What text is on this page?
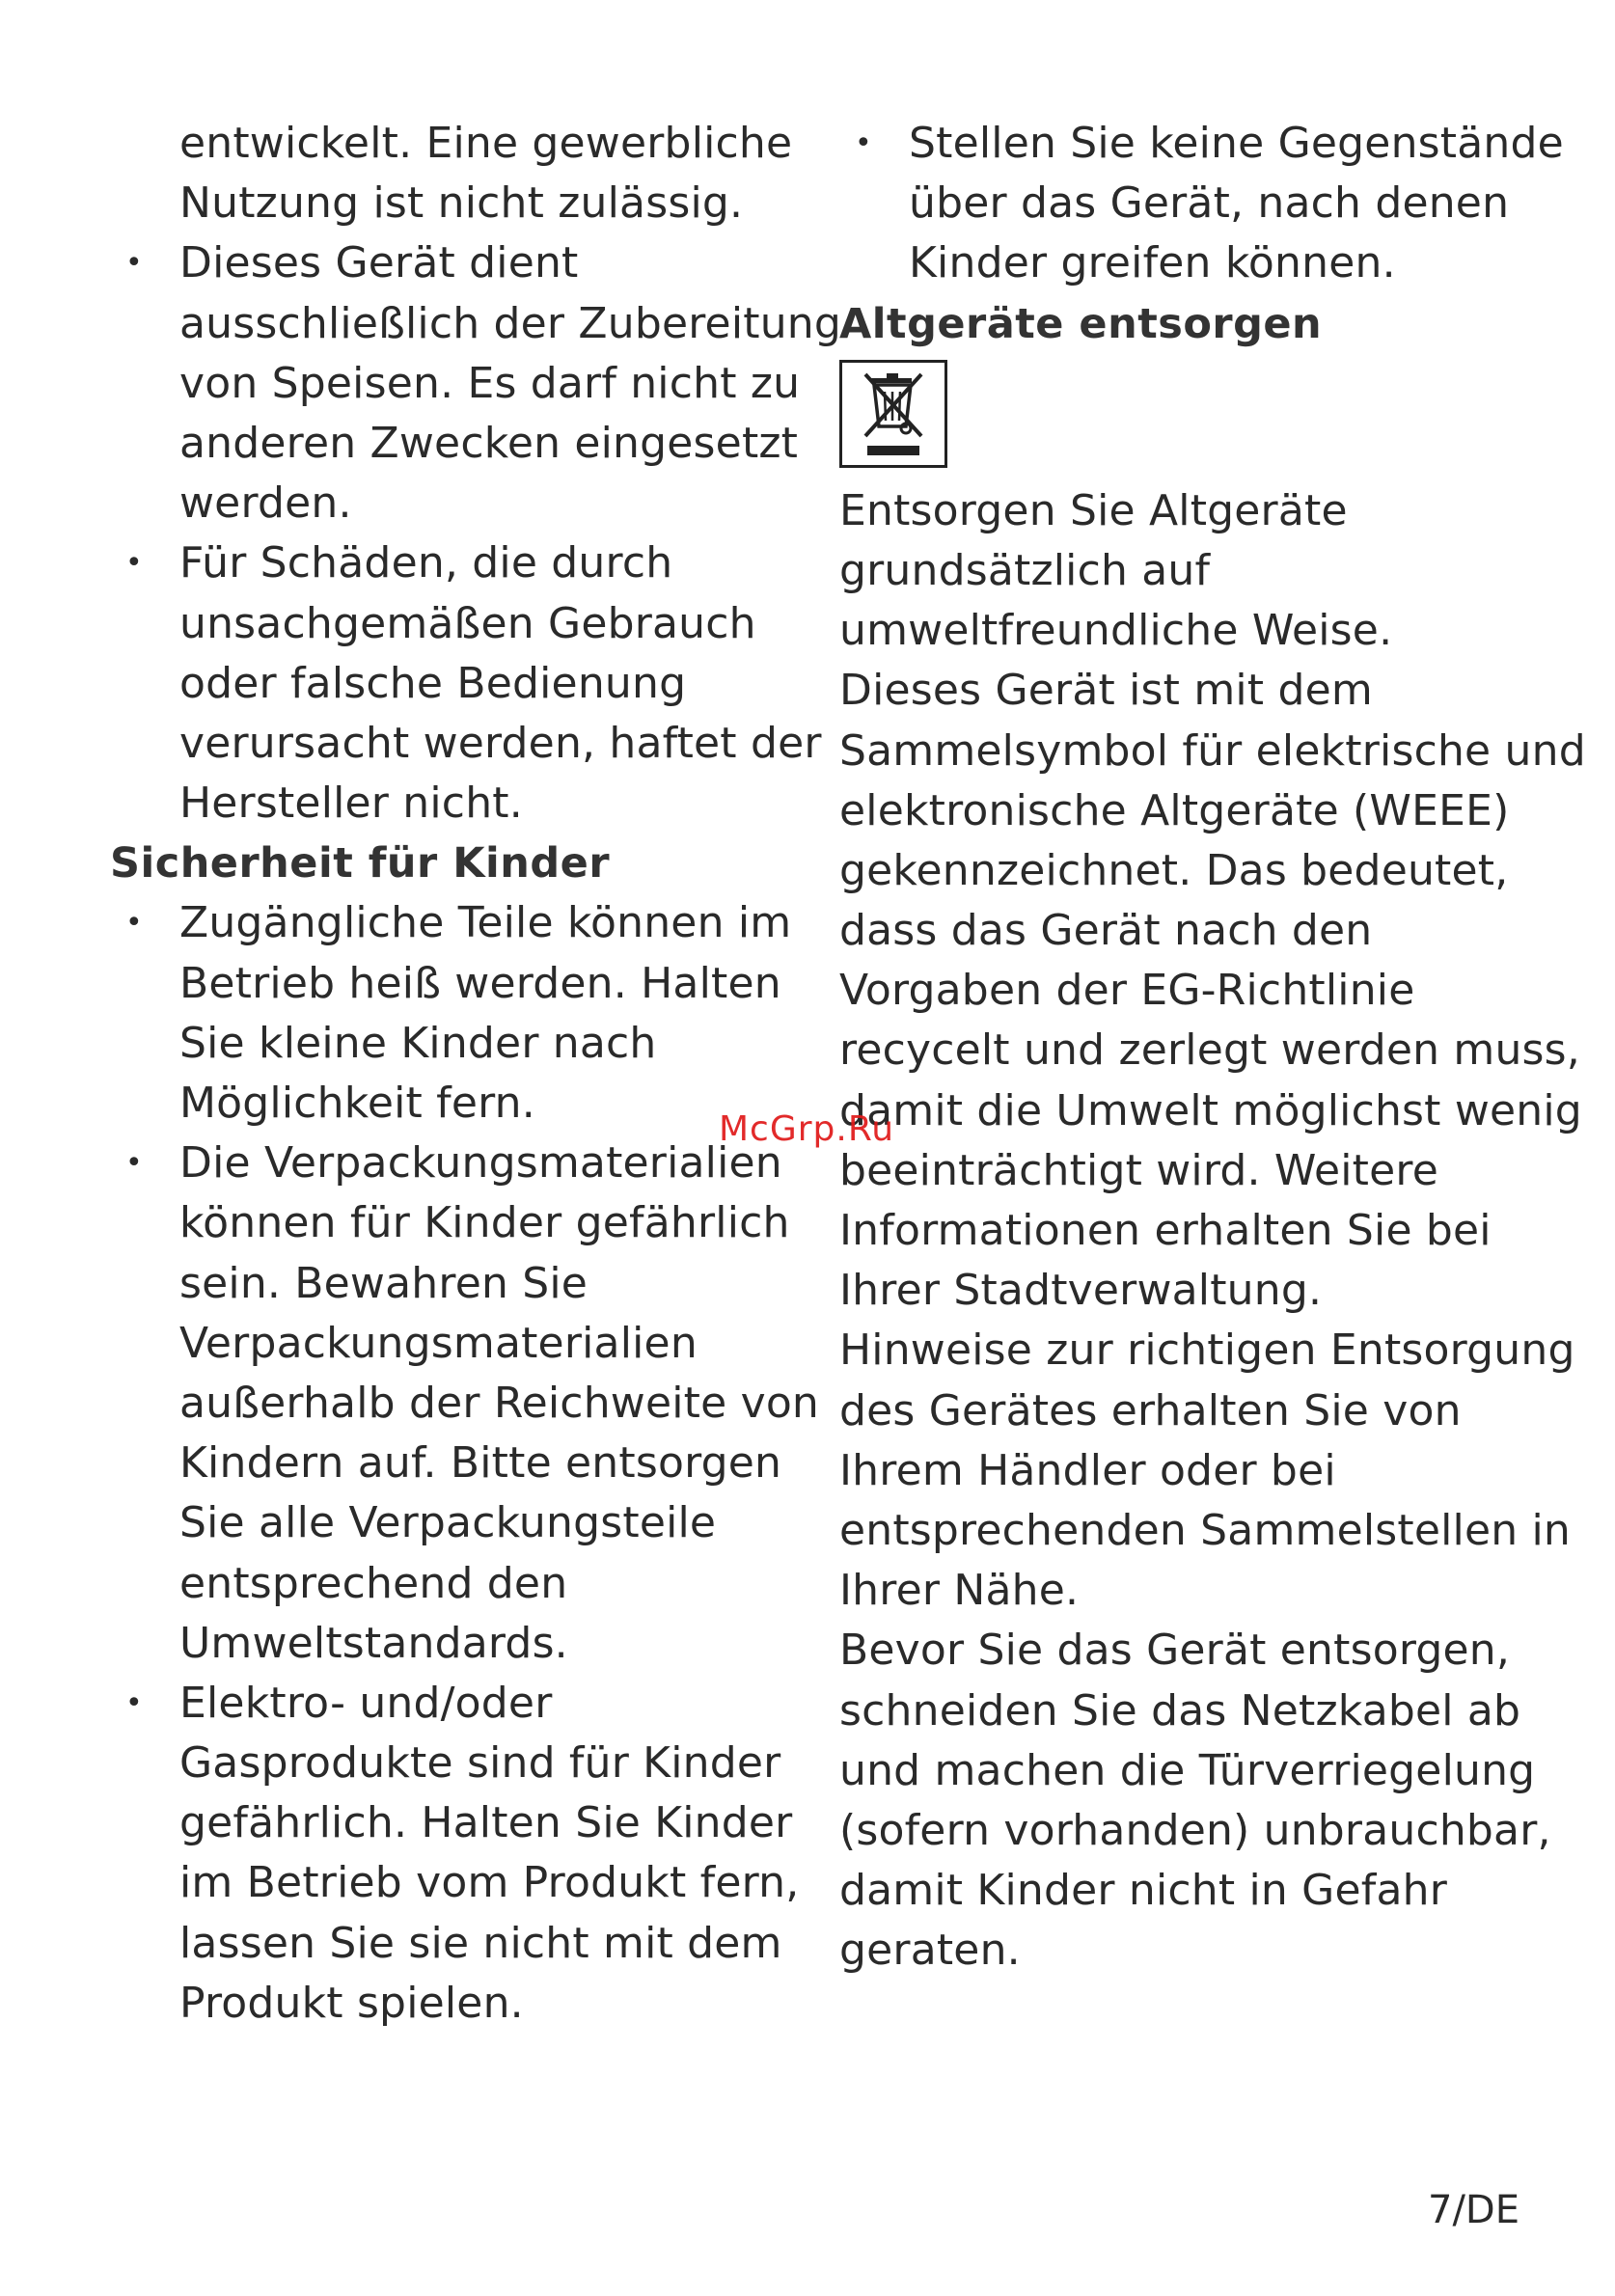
entwickelt. Eine gewerbliche
Nutzung ist nicht zulässig.
• Dieses Gerät dient
ausschließlich der Zubereitung
von Speisen. Es darf nicht zu
anderen Zwecken eingesetzt
werden.
• Für Schäden, die durch
unsachgemäßen Gebrauch
oder falsche Bedienung
verursacht werden, haftet der
Hersteller nicht.
Sicherheit für Kinder
• Zugängliche Teile können im
Betrieb heiß werden. Halten
Sie kleine Kinder nach
Möglichkeit fern.
• Die Verpackungsmaterialien
können für Kinder gefährlich
sein. Bewahren Sie
Verpackungsmaterialien
außerhalb der Reichweite von
Kindern auf. Bitte entsorgen
Sie alle Verpackungsteile
entsprechend den
Umweltstandards.
• Elektro- und/oder
Gasprodukte sind für Kinder
gefährlich. Halten Sie Kinder
im Betrieb vom Produkt fern,
lassen Sie sie nicht mit dem
Produkt spielen.
• Stellen Sie keine Gegenstände
über das Gerät, nach denen
Kinder greifen können.
Altgeräte entsorgen
Entsorgen Sie Altgeräte
grundsätzlich auf
umweltfreundliche Weise.
Dieses Gerät ist mit dem
Sammelsymbol für elektrische und
elektronische Altgeräte (WEEE)
gekennzeichnet. Das bedeutet,
dass das Gerät nach den
Vorgaben der EG-Richtlinie
recycelt und zerlegt werden muss,
damit die Umwelt möglichst wenig
beeinträchtigt wird. Weitere
Informationen erhalten Sie bei
Ihrer Stadtverwaltung.
Hinweise zur richtigen Entsorgung
des Gerätes erhalten Sie von
Ihrem Händler oder bei
entsprechenden Sammelstellen in
Ihrer Nähe.
Bevor Sie das Gerät entsorgen,
schneiden Sie das Netzkabel ab
und machen die Türverriegelung
(sofern vorhanden) unbrauchbar,
damit Kinder nicht in Gefahr
geraten.
McGrp.Ru
7/DE
